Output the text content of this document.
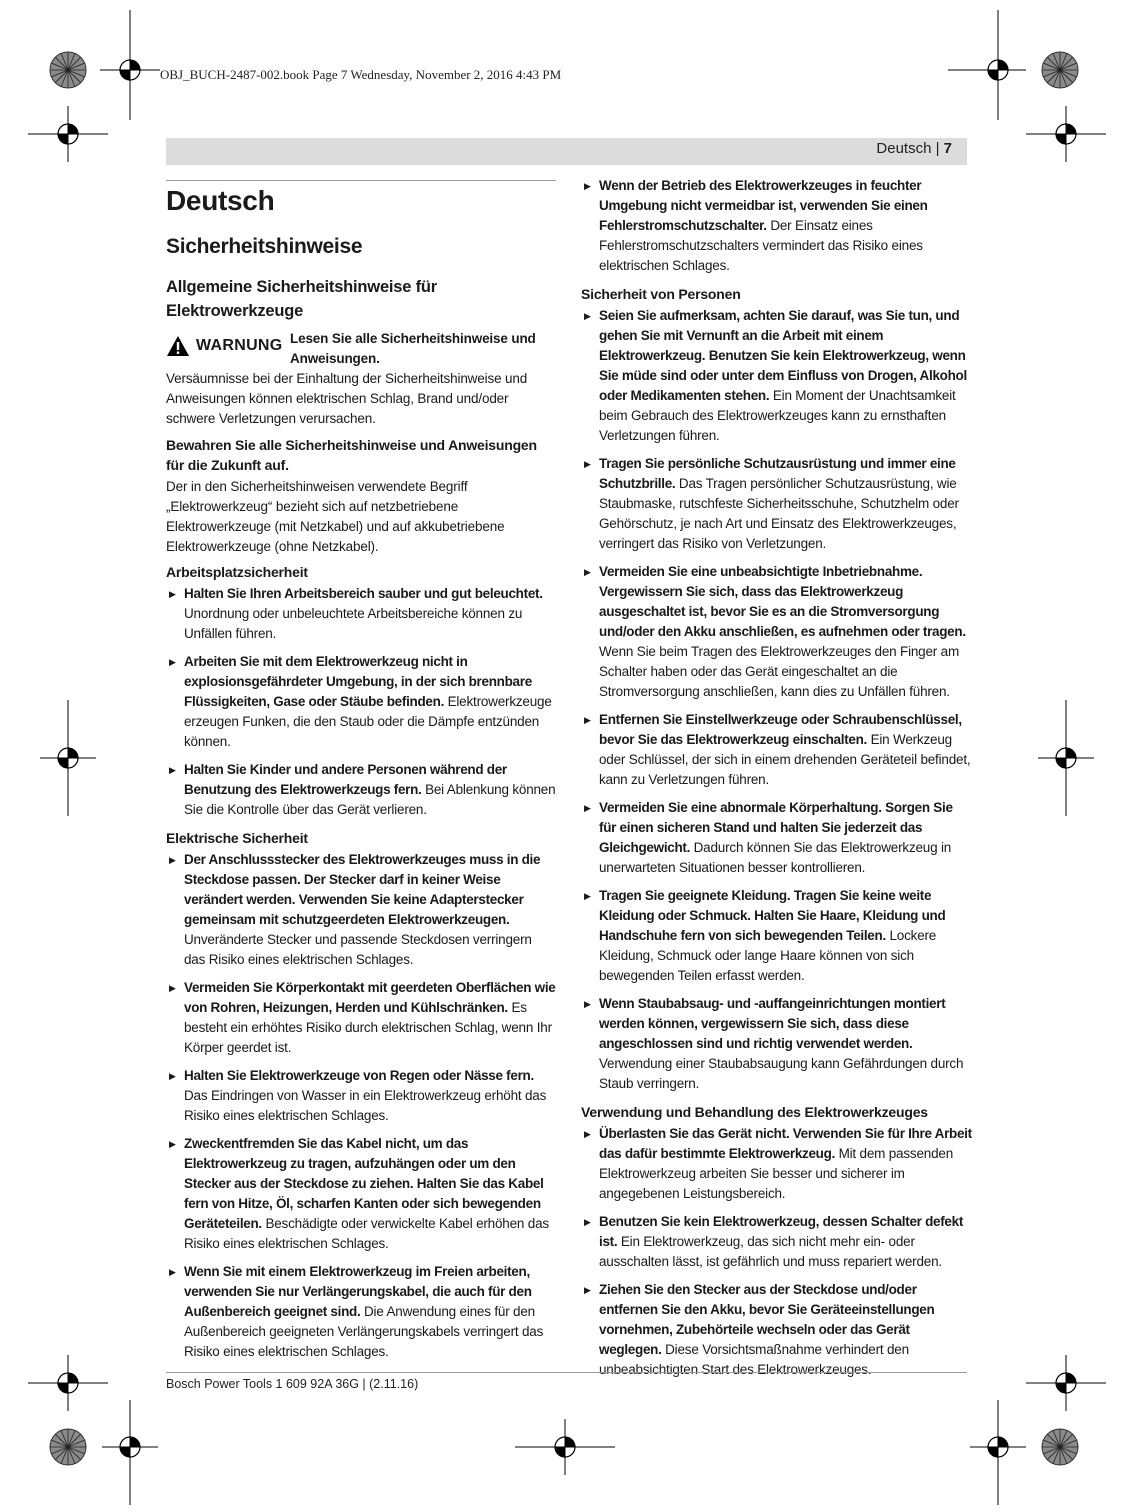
OBJ_BUCH-2487-002.book Page 7 Wednesday, November 2, 2016 4:43 PM
Deutsch | 7
Deutsch
Sicherheitshinweise
Allgemeine Sicherheitshinweise für Elektrowerkzeuge
WARNUNG Lesen Sie alle Sicherheitshinweise und Anweisungen.

Versäumnisse bei der Einhaltung der Sicherheitshinweise und Anweisungen können elektrischen Schlag, Brand und/oder schwere Verletzungen verursachen.

Bewahren Sie alle Sicherheitshinweise und Anweisungen für die Zukunft auf.

Der in den Sicherheitshinweisen verwendete Begriff „Elektrowerkzeug“ bezieht sich auf netzbetriebene Elektrowerkzeuge (mit Netzkabel) und auf akkubetriebene Elektrowerkzeuge (ohne Netzkabel).

Arbeitsplatzsicherheit
▶ Halten Sie Ihren Arbeitsbereich sauber und gut beleuchtet. Unordnung oder unbeleuchtete Arbeitsbereiche können zu Unfällen führen.
▶ Arbeiten Sie mit dem Elektrowerkzeug nicht in explosionsgefährdeter Umgebung, in der sich brennbare Flüssigkeiten, Gase oder Stäube befinden. Elektrowerkzeuge erzeugen Funken, die den Staub oder die Dämpfe entzünden können.
▶ Halten Sie Kinder und andere Personen während der Benutzung des Elektrowerkzeugs fern. Bei Ablenkung können Sie die Kontrolle über das Gerät verlieren.
Elektrische Sicherheit
▶ Der Anschlussstecker des Elektrowerkzeuges muss in die Steckdose passen. Der Stecker darf in keiner Weise verändert werden. Verwenden Sie keine Adapterstecker gemeinsam mit schutzgeerdeten Elektrowerkzeugen. Unveränderte Stecker und passende Steckdosen verringern das Risiko eines elektrischen Schlages.
▶ Vermeiden Sie Körperkontakt mit geerdeten Oberflächen wie von Rohren, Heizungen, Herden und Kühlschränken. Es besteht ein erhöhtes Risiko durch elektrischen Schlag, wenn Ihr Körper geerdet ist.
▶ Halten Sie Elektrowerkzeuge von Regen oder Nässe fern. Das Eindringen von Wasser in ein Elektrowerkzeug erhöht das Risiko eines elektrischen Schlages.
▶ Zweckentfremden Sie das Kabel nicht, um das Elektrowerkzeug zu tragen, aufzuhängen oder um den Stecker aus der Steckdose zu ziehen. Halten Sie das Kabel fern von Hitze, Öl, scharfen Kanten oder sich bewegenden Geräteteilen. Beschädigte oder verwickelte Kabel erhöhen das Risiko eines elektrischen Schlages.
▶ Wenn Sie mit einem Elektrowerkzeug im Freien arbeiten, verwenden Sie nur Verlängerungskabel, die auch für den Außenbereich geeignet sind. Die Anwendung eines für den Außenbereich geeigneten Verlängerungskabels verringert das Risiko eines elektrischen Schlages.
▶ Wenn der Betrieb des Elektrowerkzeuges in feuchter Umgebung nicht vermeidbar ist, verwenden Sie einen Fehlerstromschutzschalter. Der Einsatz eines Fehlerstromschutzschalters vermindert das Risiko eines elektrischen Schlages.
Sicherheit von Personen
▶ Seien Sie aufmerksam, achten Sie darauf, was Sie tun, und gehen Sie mit Vernunft an die Arbeit mit einem Elektrowerkzeug. Benutzen Sie kein Elektrowerkzeug, wenn Sie müde sind oder unter dem Einfluss von Drogen, Alkohol oder Medikamenten stehen. Ein Moment der Unachtsamkeit beim Gebrauch des Elektrowerkzeuges kann zu ernsthaften Verletzungen führen.
▶ Tragen Sie persönliche Schutzausrüstung und immer eine Schutzbrille. Das Tragen persönlicher Schutzausrüstung, wie Staubmaske, rutschfeste Sicherheitsschuhe, Schutzhelm oder Gehörschutz, je nach Art und Einsatz des Elektrowerkzeuges, verringert das Risiko von Verletzungen.
▶ Vermeiden Sie eine unbeabsichtigte Inbetriebnahme. Vergewissern Sie sich, dass das Elektrowerkzeug ausgeschaltet ist, bevor Sie es an die Stromversorgung und/oder den Akku anschließen, es aufnehmen oder tragen. Wenn Sie beim Tragen des Elektrowerkzeuges den Finger am Schalter haben oder das Gerät eingeschaltet an die Stromversorgung anschließen, kann dies zu Unfällen führen.
▶ Entfernen Sie Einstellwerkzeuge oder Schraubenschlüssel, bevor Sie das Elektrowerkzeug einschalten. Ein Werkzeug oder Schlüssel, der sich in einem drehenden Geräteteil befindet, kann zu Verletzungen führen.
▶ Vermeiden Sie eine abnormale Körperhaltung. Sorgen Sie für einen sicheren Stand und halten Sie jederzeit das Gleichgewicht. Dadurch können Sie das Elektrowerkzeug in unerwarteten Situationen besser kontrollieren.
▶ Tragen Sie geeignete Kleidung. Tragen Sie keine weite Kleidung oder Schmuck. Halten Sie Haare, Kleidung und Handschuhe fern von sich bewegenden Teilen. Lockere Kleidung, Schmuck oder lange Haare können von sich bewegenden Teilen erfasst werden.
▶ Wenn Staubabsaug- und -auffangeinrichtungen montiert werden können, vergewissern Sie sich, dass diese angeschlossen sind und richtig verwendet werden. Verwendung einer Staubabsaugung kann Gefährdungen durch Staub verringern.
Verwendung und Behandlung des Elektrowerkzeuges
▶ Überlasten Sie das Gerät nicht. Verwenden Sie für Ihre Arbeit das dafür bestimmte Elektrowerkzeug. Mit dem passenden Elektrowerkzeug arbeiten Sie besser und sicherer im angegebenen Leistungsbereich.
▶ Benutzen Sie kein Elektrowerkzeug, dessen Schalter defekt ist. Ein Elektrowerkzeug, das sich nicht mehr ein- oder ausschalten lässt, ist gefährlich und muss repariert werden.
▶ Ziehen Sie den Stecker aus der Steckdose und/oder entfernen Sie den Akku, bevor Sie Geräteeinstellungen vornehmen, Zubehörteile wechseln oder das Gerät weglegen. Diese Vorsichtsmaßnahme verhindert den unbeabsichtigten Start des Elektrowerkzeuges.
Bosch Power Tools 1 609 92A 36G | (2.11.16)
